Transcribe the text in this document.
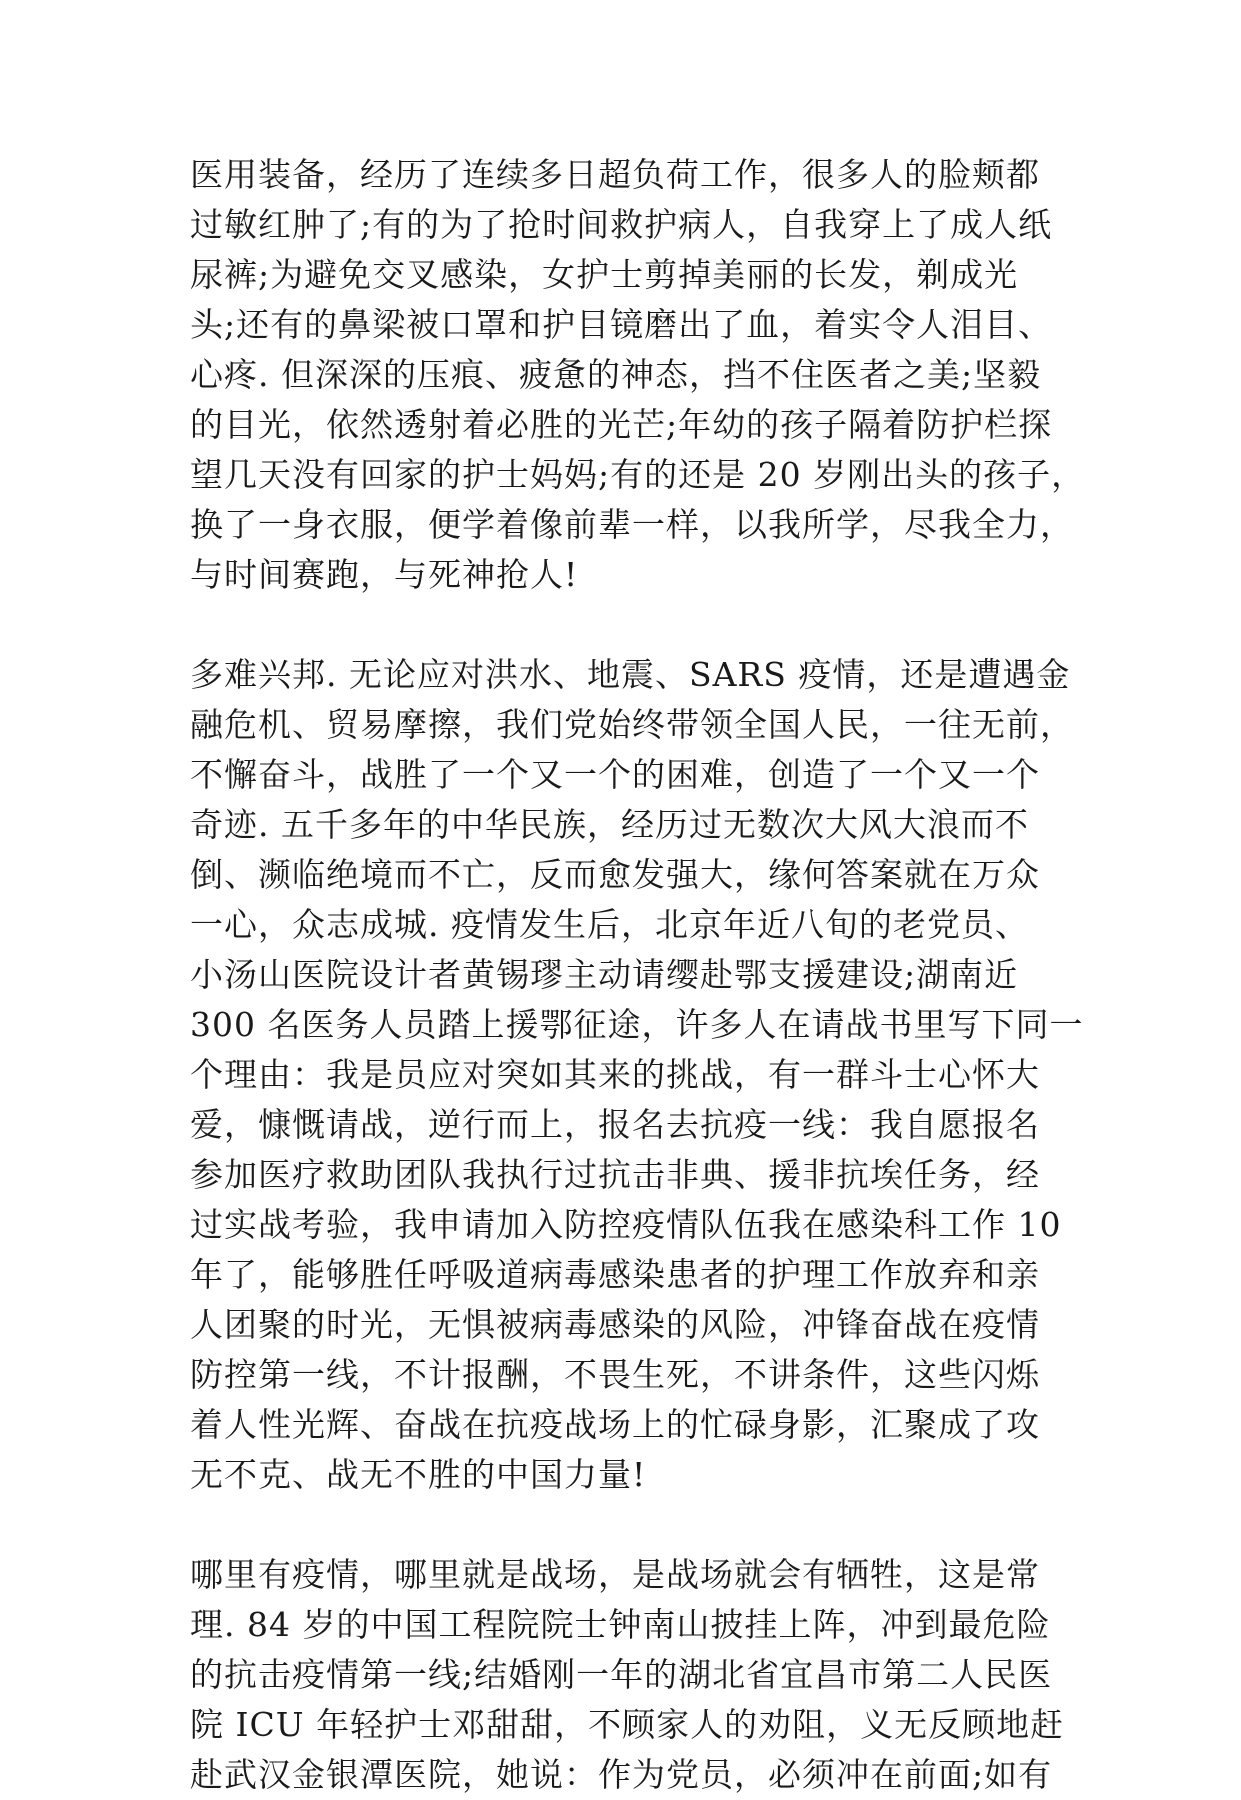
医用装备，经历了连续多日超负荷工作，很多人的脸颊都
过敏红肿了;有的为了抢时间救护病人，自我穿上了成人纸
尿裤;为避免交叉感染，女护士剪掉美丽的长发，剃成光
头;还有的鼻梁被口罩和护目镜磨出了血，着实令人泪目、
心疼. 但深深的压痕、疲惫的神态，挡不住医者之美;坚毅
的目光，依然透射着必胜的光芒;年幼的孩子隔着防护栏探
望几天没有回家的护士妈妈;有的还是 20 岁刚出头的孩子，
换了一身衣服，便学着像前辈一样，以我所学，尽我全力，
与时间赛跑，与死神抢人!
多难兴邦. 无论应对洪水、地震、SARS 疫情，还是遭遇金
融危机、贸易摩擦，我们党始终带领全国人民，一往无前，
不懈奋斗，战胜了一个又一个的困难，创造了一个又一个
奇迹. 五千多年的中华民族，经历过无数次大风大浪而不
倒、濒临绝境而不亡，反而愈发强大，缘何答案就在万众
一心，众志成城. 疫情发生后，北京年近八旬的老党员、
小汤山医院设计者黄锡璆主动请缨赴鄂支援建设;湖南近
300 名医务人员踏上援鄂征途，许多人在请战书里写下同一
个理由：我是员应对突如其来的挑战，有一群斗士心怀大
爱，慷慨请战，逆行而上，报名去抗疫一线：我自愿报名
参加医疗救助团队我执行过抗击非典、援非抗埃任务，经
过实战考验，我申请加入防控疫情队伍我在感染科工作 10
年了，能够胜任呼吸道病毒感染患者的护理工作放弃和亲
人团聚的时光，无惧被病毒感染的风险，冲锋奋战在疫情
防控第一线，不计报酬，不畏生死，不讲条件，这些闪烁
着人性光辉、奋战在抗疫战场上的忙碌身影，汇聚成了攻
无不克、战无不胜的中国力量!
哪里有疫情，哪里就是战场，是战场就会有牺牲，这是常
理. 84 岁的中国工程院院士钟南山披挂上阵，冲到最危险
的抗击疫情第一线;结婚刚一年的湖北省宜昌市第二人民医
院 ICU 年轻护士邓甜甜，不顾家人的劝阻，义无反顾地赶
赴武汉金银潭医院，她说：作为党员，必须冲在前面;如有
